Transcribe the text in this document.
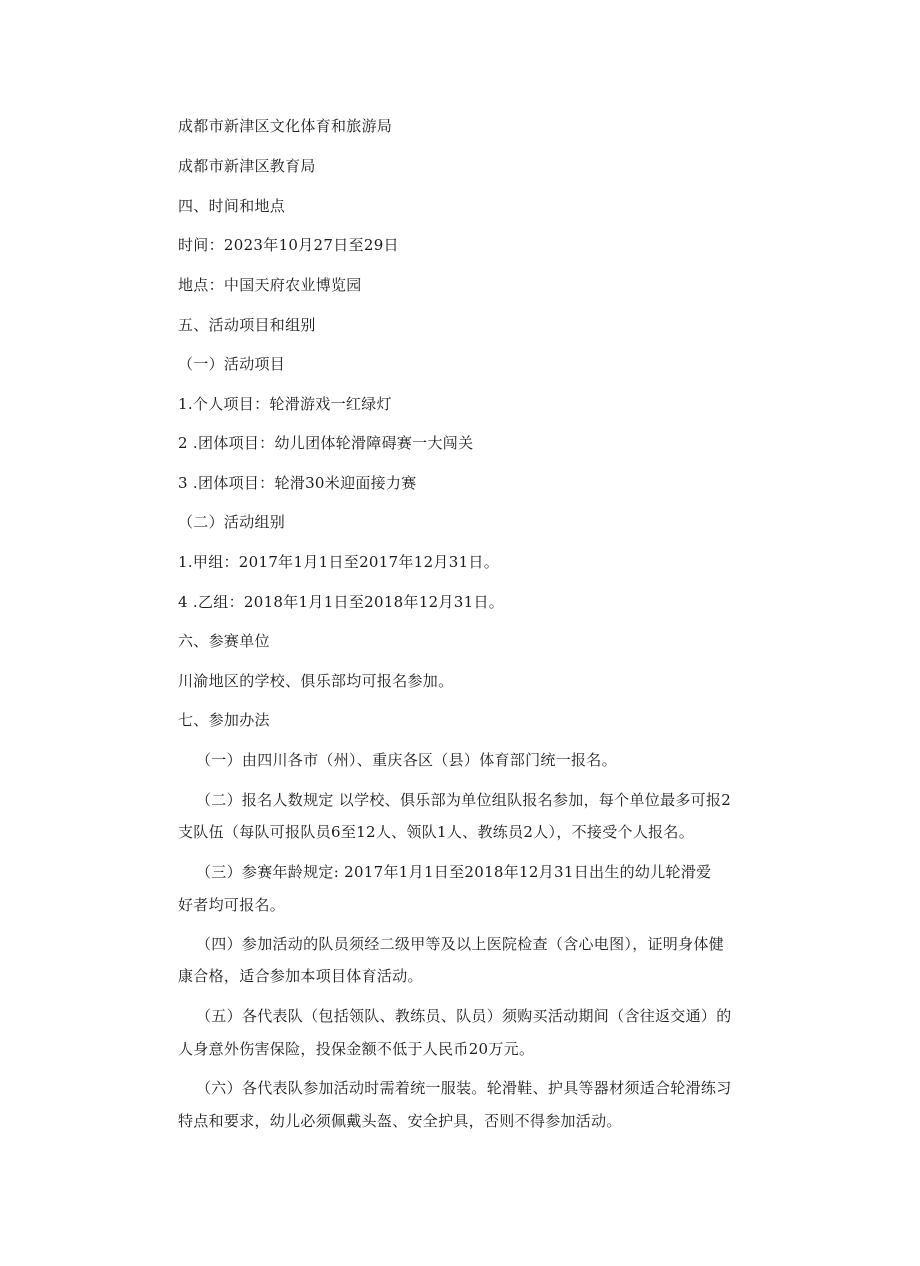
成都市新津区文化体育和旅游局
成都市新津区教育局
四、时间和地点
时间：2023年10月27日至29日
地点：中国天府农业博览园
五、活动项目和组别
（一）活动项目
1.个人项目：轮滑游戏一红绿灯
2 .团体项目：幼儿团体轮滑障碍赛一大闯关
3 .团体项目：轮滑30米迎面接力赛
（二）活动组别
1.甲组：2017年1月1日至2017年12月31日。
4 .乙组：2018年1月1日至2018年12月31日。
六、参赛单位
川渝地区的学校、俱乐部均可报名参加。
七、参加办法
（一）由四川各市（州）、重庆各区（县）体育部门统一报名。
（二）报名人数规定 以学校、俱乐部为单位组队报名参加，每个单位最多可报2
支队伍（每队可报队员6至12人、领队1人、教练员2人），不接受个人报名。
（三）参赛年龄规定: 2017年1月1日至2018年12月31日出生的幼儿轮滑爱
好者均可报名。
（四）参加活动的队员须经二级甲等及以上医院检查（含心电图），证明身体健
康合格，适合参加本项目体育活动。
（五）各代表队（包括领队、教练员、队员）须购买活动期间（含往返交通）的
人身意外伤害保险，投保金额不低于人民币20万元。
（六）各代表队参加活动时需着统一服装。轮滑鞋、护具等器材须适合轮滑练习
特点和要求，幼儿必须佩戴头盔、安全护具，否则不得参加活动。
